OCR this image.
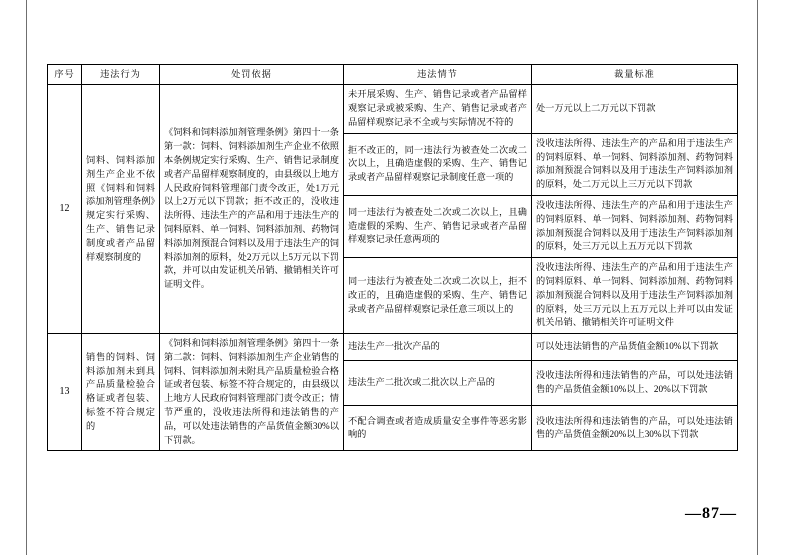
序号	违法行为	处罚依据	违法情节	裁量标准

12	饲料、饲料添加剂生产企业不依照《饲料和饲料添加剂管理条例》规定实行采购、生产、销售记录制度或者产品留样观察制度的	《饲料和饲料添加剂管理条例》第四十一条第一款：饲料、饲料添加剂生产企业不依照本条例规定实行采购、生产、销售记录制度或者产品留样观察制度的，由县级以上地方人民政府饲料管理部门责令改正，处1万元以上2万元以下罚款；拒不改正的，没收违法所得、违法生产的产品和用于违法生产的饲料原料、单一饲料、饲料添加剂、药物饲料添加剂预混合饲料以及用于违法生产的饲料添加剂的原料，处2万元以上5万元以下罚款，并可以由发证机关吊销、撤销相关许可证明文件。	未开展采购、生产、销售记录或者产品留样观察记录或被采购、生产、销售记录或者产品留样观察记录不全或与实际情况不符的	处一万元以上二万元以下罚款

			拒不改正的，同一违法行为被查处二次或二次以上，且确造虚假的采购、生产、销售记录或者产品留样观察记录制度任意一项的	没收违法所得、违法生产的产品和用于违法生产的饲料原料、单一饲料、饲料添加剂、药物饲料添加剂预混合饲料以及用于违法生产饲料添加剂的原料，处二万元以上三万元以下罚款

			同一违法行为被查处二次或二次以上，且确造虚假的采购、生产、销售记录或者产品留样观察记录任意两项的	没收违法所得、违法生产的产品和用于违法生产的饲料原料、单一饲料、饲料添加剂、药物饲料添加剂预混合饲料以及用于违法生产饲料添加剂的原料，处三万元以上五万元以下罚款

			同一违法行为被查处二次或二次以上，拒不改正的，且确造虚假的采购、生产、销售记录或者产品留样观察记录任意三项以上的	没收违法所得、违法生产的产品和用于违法生产的饲料原料、单一饲料、饲料添加剂、药物饲料添加剂预混合饲料以及用于违法生产饲料添加剂的原料，处三万元以上五万元以上并可以由发证机关吊销、撤销相关许可证明文件

13	销售的饲料、饲料添加剂未到具产品质量检验合格证或者包装、标签不符合规定的	《饲料和饲料添加剂管理条例》第四十一条第二款：饲料、饲料添加剂生产企业销售的饲料、饲料添加剂未附具产品质量检验合格证或者包装、标签不符合规定的，由县级以上地方人民政府饲料管理部门责令改正；情节严重的，没收违法所得和违法销售的产品，可以处违法销售的产品货值金额30%以下罚款。	违法生产一批次产品的	可以处违法销售的产品货值金额10%以下罚款

			违法生产二批次或二批次以上产品的	没收违法所得和违法销售的产品，可以处违法销售的产品货值金额10%以上、20%以下罚款

			不配合调查或者造成质量安全事件等恶劣影响的	没收违法所得和违法销售的产品，可以处违法销售的产品货值金额20%以上30%以下罚款
—87—
